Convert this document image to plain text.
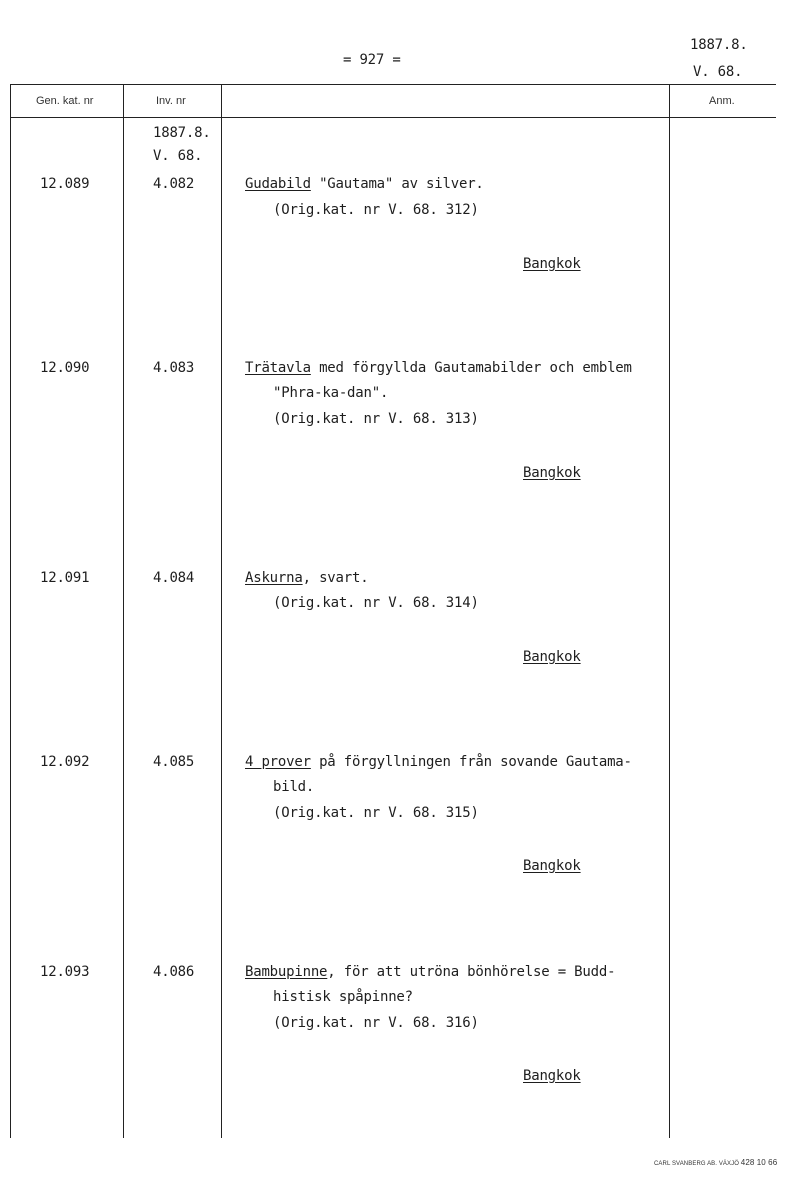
= 927 =
1887.8.
V. 68.
Gen. kat. nr	Inv. nr	Anm.
1887.8.
V. 68.
12.089	4.082	Gudabild "Gautama" av silver.
(Orig.kat. nr V. 68. 312)
Bangkok
12.090	4.083	Trätavla med förgyllda Gautamabilder och emblem
"Phra-ka-dan".
(Orig.kat. nr V. 68. 313)
Bangkok
12.091	4.084	Askurna, svart.
(Orig.kat. nr V. 68. 314)
Bangkok
12.092	4.085	4 prover på förgyllningen från sovande Gautama-
bild.
(Orig.kat. nr V. 68. 315)
Bangkok
12.093	4.086	Bambupinne, för att utröna bönhörelse = Budd-
histisk spåpinne?
(Orig.kat. nr V. 68. 316)
Bangkok
CARL SVANBERG AB. VÄXJÖ 428 10 66
